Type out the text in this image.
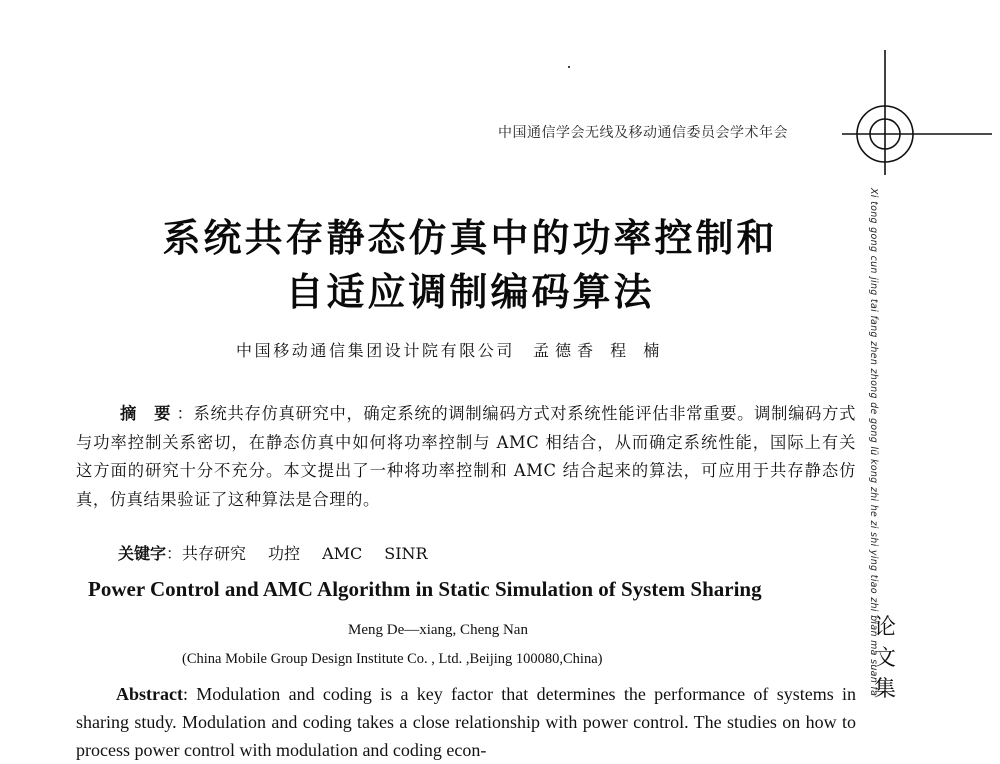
中国通信学会无线及移动通信委员会学术年会
Xi tong gong cun jing tai fang zhen zhong de gong lü kong zhi he zi shi ying tiao zhi bian ma suan fa
论
文
集
系统共存静态仿真中的功率控制和
自适应调制编码算法
中国移动通信集团设计院有限公司 孟德香 程 楠
摘 要：系统共存仿真研究中，确定系统的调制编码方式对系统性能评估非常重要。调制编码方式与功率控制关系密切，在静态仿真中如何将功率控制与 AMC 相结合，从而确定系统性能，国际上有关这方面的研究十分不充分。本文提出了一种将功率控制和 AMC 结合起来的算法，可应用于共存静态仿真，仿真结果验证了这种算法是合理的。
关键字：共存研究 功控 AMC SINR
Power Control and AMC Algorithm in Static Simulation of System Sharing
Meng De—xiang, Cheng Nan
(China Mobile Group Design Institute Co. , Ltd. ,Beijing 100080,China)
Abstract: Modulation and coding is a key factor that determines the performance of systems in sharing study. Modulation and coding takes a close relationship with power control. The studies on how to process power control with modulation and coding econ-
